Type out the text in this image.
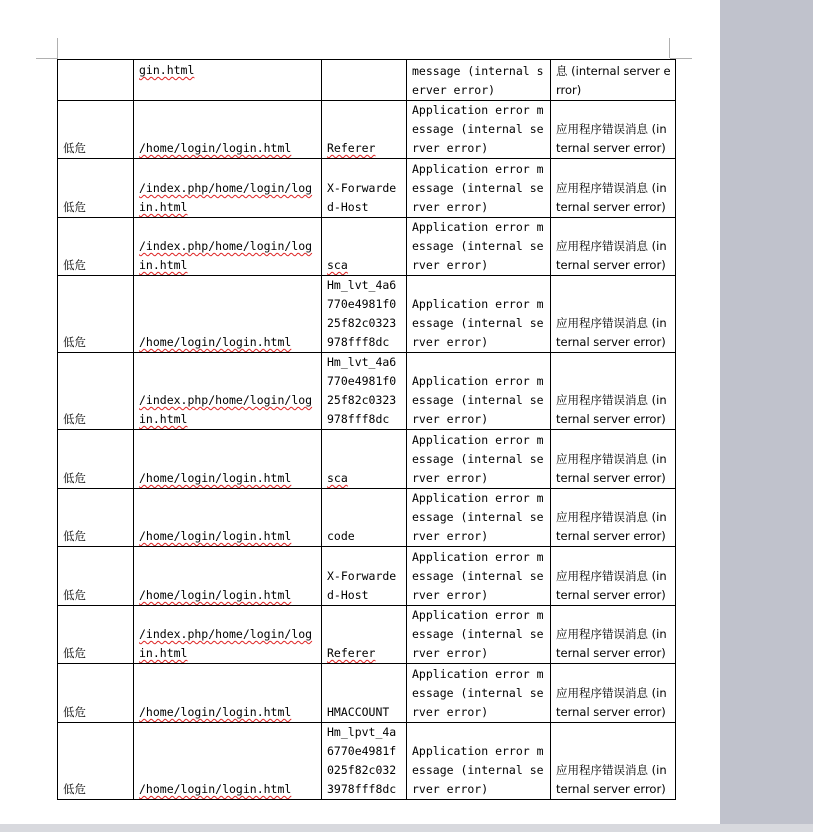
	gin.html		message (internal server error)	息 (internal server error)
低危	/home/login/login.html	Referer	Application error message (internal server error)	应用程序错误消息 (internal server error)
低危	/index.php/home/login/login.html	X-Forwarded-Host	Application error message (internal server error)	应用程序错误消息 (internal server error)
低危	/index.php/home/login/login.html	sca	Application error message (internal server error)	应用程序错误消息 (internal server error)
低危	/home/login/login.html	Hm_lvt_4a6770e4981f025f82c0323978fff8dc	Application error message (internal server error)	应用程序错误消息 (internal server error)
低危	/index.php/home/login/login.html	Hm_lvt_4a6770e4981f025f82c0323978fff8dc	Application error message (internal server error)	应用程序错误消息 (internal server error)
低危	/home/login/login.html	sca	Application error message (internal server error)	应用程序错误消息 (internal server error)
低危	/home/login/login.html	code	Application error message (internal server error)	应用程序错误消息 (internal server error)
低危	/home/login/login.html	X-Forwarded-Host	Application error message (internal server error)	应用程序错误消息 (internal server error)
低危	/index.php/home/login/login.html	Referer	Application error message (internal server error)	应用程序错误消息 (internal server error)
低危	/home/login/login.html	HMACCOUNT	Application error message (internal server error)	应用程序错误消息 (internal server error)
低危	/home/login/login.html	Hm_lpvt_4a6770e4981f025f82c0323978fff8dc	Application error message (internal server error)	应用程序错误消息 (internal server error)
